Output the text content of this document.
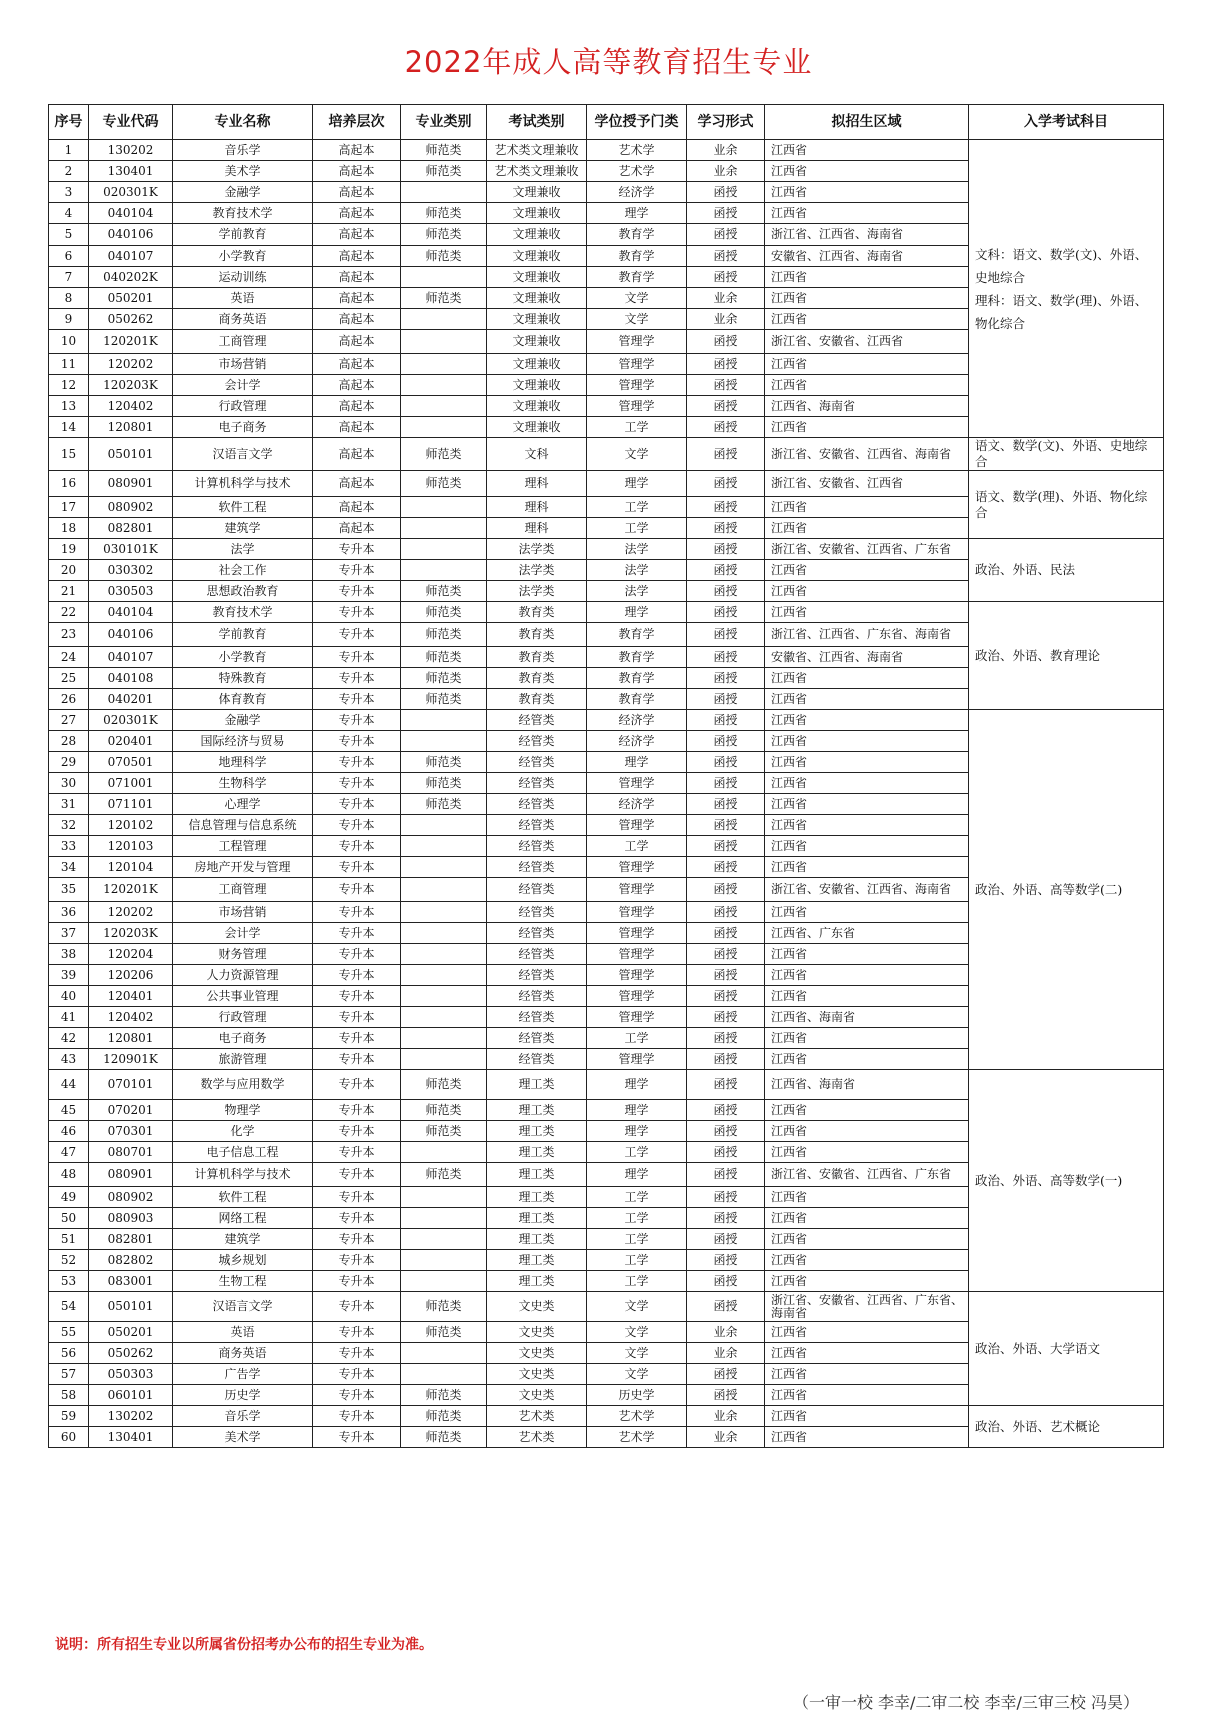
2022年成人高等教育招生专业
序号	专业代码	专业名称	培养层次	专业类别	考试类别	学位授予门类	学习形式	拟招生区域	入学考试科目
1	130202	音乐学	高起本	师范类	艺术类文理兼收	艺术学	业余	江西省	文科：语文、数学(文)、外语、史地综合
理科：语文、数学(理)、外语、物化综合
2	130401	美术学	高起本	师范类	艺术类文理兼收	艺术学	业余	江西省	
3	020301K	金融学	高起本		文理兼收	经济学	函授	江西省	
4	040104	教育技术学	高起本	师范类	文理兼收	理学	函授	江西省	
5	040106	学前教育	高起本	师范类	文理兼收	教育学	函授	浙江省、江西省、海南省	
6	040107	小学教育	高起本	师范类	文理兼收	教育学	函授	安徽省、江西省、海南省	
7	040202K	运动训练	高起本		文理兼收	教育学	函授	江西省	
8	050201	英语	高起本	师范类	文理兼收	文学	业余	江西省	
9	050262	商务英语	高起本		文理兼收	文学	业余	江西省	
10	120201K	工商管理	高起本		文理兼收	管理学	函授	浙江省、安徽省、江西省	
11	120202	市场营销	高起本		文理兼收	管理学	函授	江西省	
12	120203K	会计学	高起本		文理兼收	管理学	函授	江西省	
13	120402	行政管理	高起本		文理兼收	管理学	函授	江西省、海南省	
14	120801	电子商务	高起本		文理兼收	工学	函授	江西省	
15	050101	汉语言文学	高起本	师范类	文科	文学	函授	浙江省、安徽省、江西省、海南省	语文、数学(文)、外语、史地综合
16	080901	计算机科学与技术	高起本	师范类	理科	理学	函授	浙江省、安徽省、江西省	语文、数学(理)、外语、物化综合
17	080902	软件工程	高起本		理科	工学	函授	江西省	
18	082801	建筑学	高起本		理科	工学	函授	江西省	
19	030101K	法学	专升本		法学类	法学	函授	浙江省、安徽省、江西省、广东省	政治、外语、民法
20	030302	社会工作	专升本		法学类	法学	函授	江西省	
21	030503	思想政治教育	专升本	师范类	法学类	法学	函授	江西省	
22	040104	教育技术学	专升本	师范类	教育类	理学	函授	江西省	政治、外语、教育理论
23	040106	学前教育	专升本	师范类	教育类	教育学	函授	浙江省、江西省、广东省、海南省	
24	040107	小学教育	专升本	师范类	教育类	教育学	函授	安徽省、江西省、海南省	
25	040108	特殊教育	专升本	师范类	教育类	教育学	函授	江西省	
26	040201	体育教育	专升本	师范类	教育类	教育学	函授	江西省	
27	020301K	金融学	专升本		经管类	经济学	函授	江西省	政治、外语、高等数学(二)
28	020401	国际经济与贸易	专升本		经管类	经济学	函授	江西省	
29	070501	地理科学	专升本	师范类	经管类	理学	函授	江西省	
30	071001	生物科学	专升本	师范类	经管类	管理学	函授	江西省	
31	071101	心理学	专升本	师范类	经管类	经济学	函授	江西省	
32	120102	信息管理与信息系统	专升本		经管类	管理学	函授	江西省	
33	120103	工程管理	专升本		经管类	工学	函授	江西省	
34	120104	房地产开发与管理	专升本		经管类	管理学	函授	江西省	
35	120201K	工商管理	专升本		经管类	管理学	函授	浙江省、安徽省、江西省、海南省	
36	120202	市场营销	专升本		经管类	管理学	函授	江西省	
37	120203K	会计学	专升本		经管类	管理学	函授	江西省、广东省	
38	120204	财务管理	专升本		经管类	管理学	函授	江西省	
39	120206	人力资源管理	专升本		经管类	管理学	函授	江西省	
40	120401	公共事业管理	专升本		经管类	管理学	函授	江西省	
41	120402	行政管理	专升本		经管类	管理学	函授	江西省、海南省	
42	120801	电子商务	专升本		经管类	工学	函授	江西省	
43	120901K	旅游管理	专升本		经管类	管理学	函授	江西省	
44	070101	数学与应用数学	专升本	师范类	理工类	理学	函授	江西省、海南省	政治、外语、高等数学(一)
45	070201	物理学	专升本	师范类	理工类	理学	函授	江西省	
46	070301	化学	专升本	师范类	理工类	理学	函授	江西省	
47	080701	电子信息工程	专升本		理工类	工学	函授	江西省	
48	080901	计算机科学与技术	专升本	师范类	理工类	理学	函授	浙江省、安徽省、江西省、广东省	
49	080902	软件工程	专升本		理工类	工学	函授	江西省	
50	080903	网络工程	专升本		理工类	工学	函授	江西省	
51	082801	建筑学	专升本		理工类	工学	函授	江西省	
52	082802	城乡规划	专升本		理工类	工学	函授	江西省	
53	083001	生物工程	专升本		理工类	工学	函授	江西省	
54	050101	汉语言文学	专升本	师范类	文史类	文学	函授	浙江省、安徽省、江西省、广东省、海南省	政治、外语、大学语文
55	050201	英语	专升本	师范类	文史类	文学	业余	江西省	
56	050262	商务英语	专升本		文史类	文学	业余	江西省	
57	050303	广告学	专升本		文史类	文学	函授	江西省	
58	060101	历史学	专升本	师范类	文史类	历史学	函授	江西省	
59	130202	音乐学	专升本	师范类	艺术类	艺术学	业余	江西省	政治、外语、艺术概论
60	130401	美术学	专升本	师范类	艺术类	艺术学	业余	江西省	
说明：所有招生专业以所属省份招考办公布的招生专业为准。
（一审一校 李幸/二审二校 李幸/三审三校 冯昊）
